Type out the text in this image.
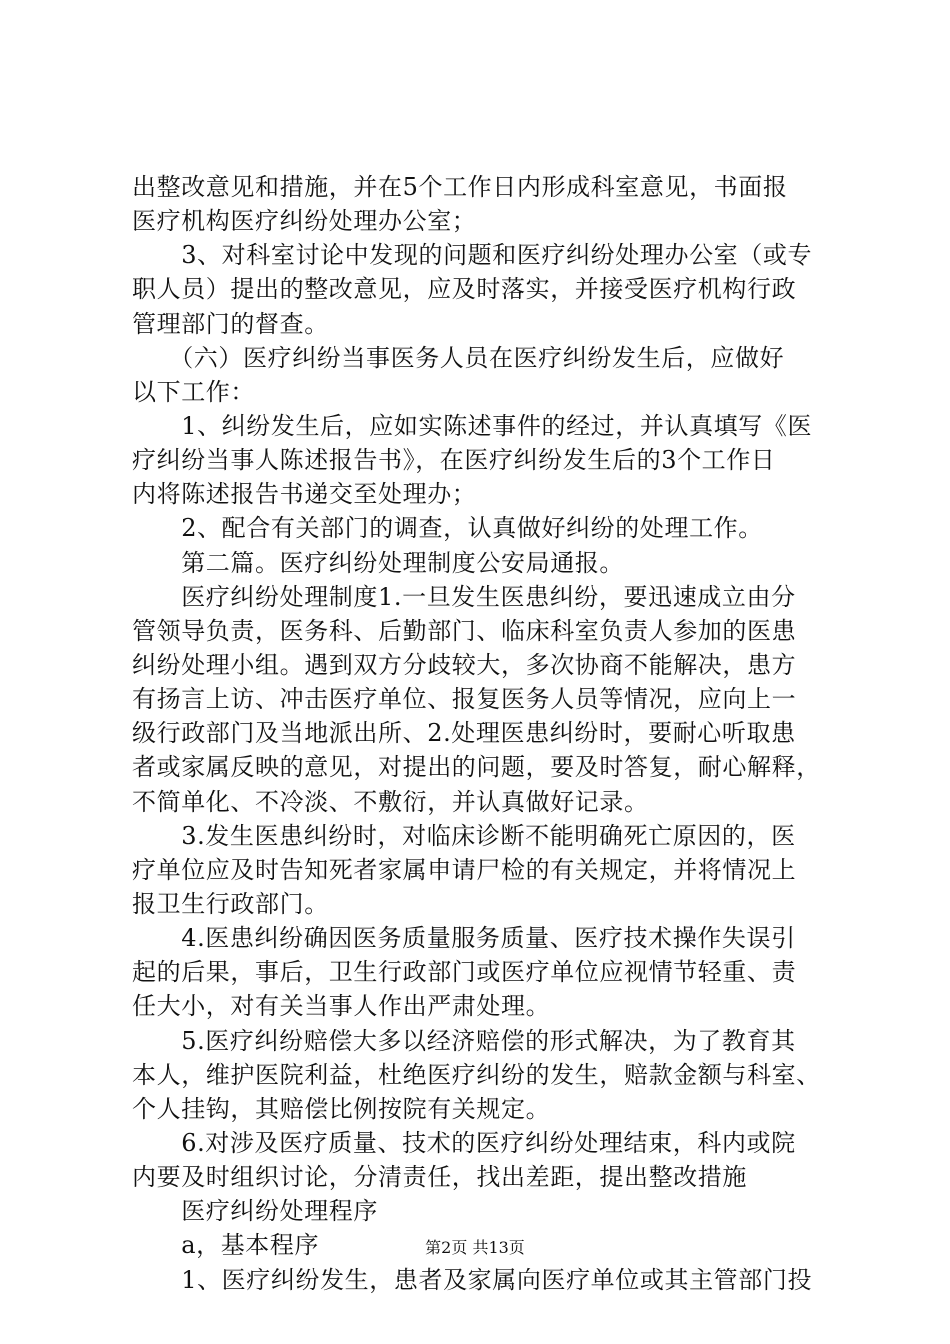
出整改意见和措施，并在5个工作日内形成科室意见，书面报
医疗机构医疗纠纷处理办公室；
　　3、对科室讨论中发现的问题和医疗纠纷处理办公室（或专
职人员）提出的整改意见，应及时落实，并接受医疗机构行政
管理部门的督查。
　　（六）医疗纠纷当事医务人员在医疗纠纷发生后，应做好
以下工作：
　　1、纠纷发生后，应如实陈述事件的经过，并认真填写《医
疗纠纷当事人陈述报告书》，在医疗纠纷发生后的3个工作日
内将陈述报告书递交至处理办；
　　2、配合有关部门的调查，认真做好纠纷的处理工作。
　　第二篇。医疗纠纷处理制度公安局通报。
　　医疗纠纷处理制度1.一旦发生医患纠纷，要迅速成立由分
管领导负责，医务科、后勤部门、临床科室负责人参加的医患
纠纷处理小组。遇到双方分歧较大，多次协商不能解决，患方
有扬言上访、冲击医疗单位、报复医务人员等情况，应向上一
级行政部门及当地派出所、2.处理医患纠纷时，要耐心听取患
者或家属反映的意见，对提出的问题，要及时答复，耐心解释，
不简单化、不冷淡、不敷衍，并认真做好记录。
　　3.发生医患纠纷时，对临床诊断不能明确死亡原因的，医
疗单位应及时告知死者家属申请尸检的有关规定，并将情况上
报卫生行政部门。
　　4.医患纠纷确因医务质量服务质量、医疗技术操作失误引
起的后果，事后，卫生行政部门或医疗单位应视情节轻重、责
任大小，对有关当事人作出严肃处理。
　　5.医疗纠纷赔偿大多以经济赔偿的形式解决，为了教育其
本人，维护医院利益，杜绝医疗纠纷的发生，赔款金额与科室、
个人挂钩，其赔偿比例按院有关规定。
　　6.对涉及医疗质量、技术的医疗纠纷处理结束，科内或院
内要及时组织讨论，分清责任，找出差距，提出整改措施
　　医疗纠纷处理程序
　　a，基本程序
　　1、医疗纠纷发生，患者及家属向医疗单位或其主管部门投
第2页 共13页
